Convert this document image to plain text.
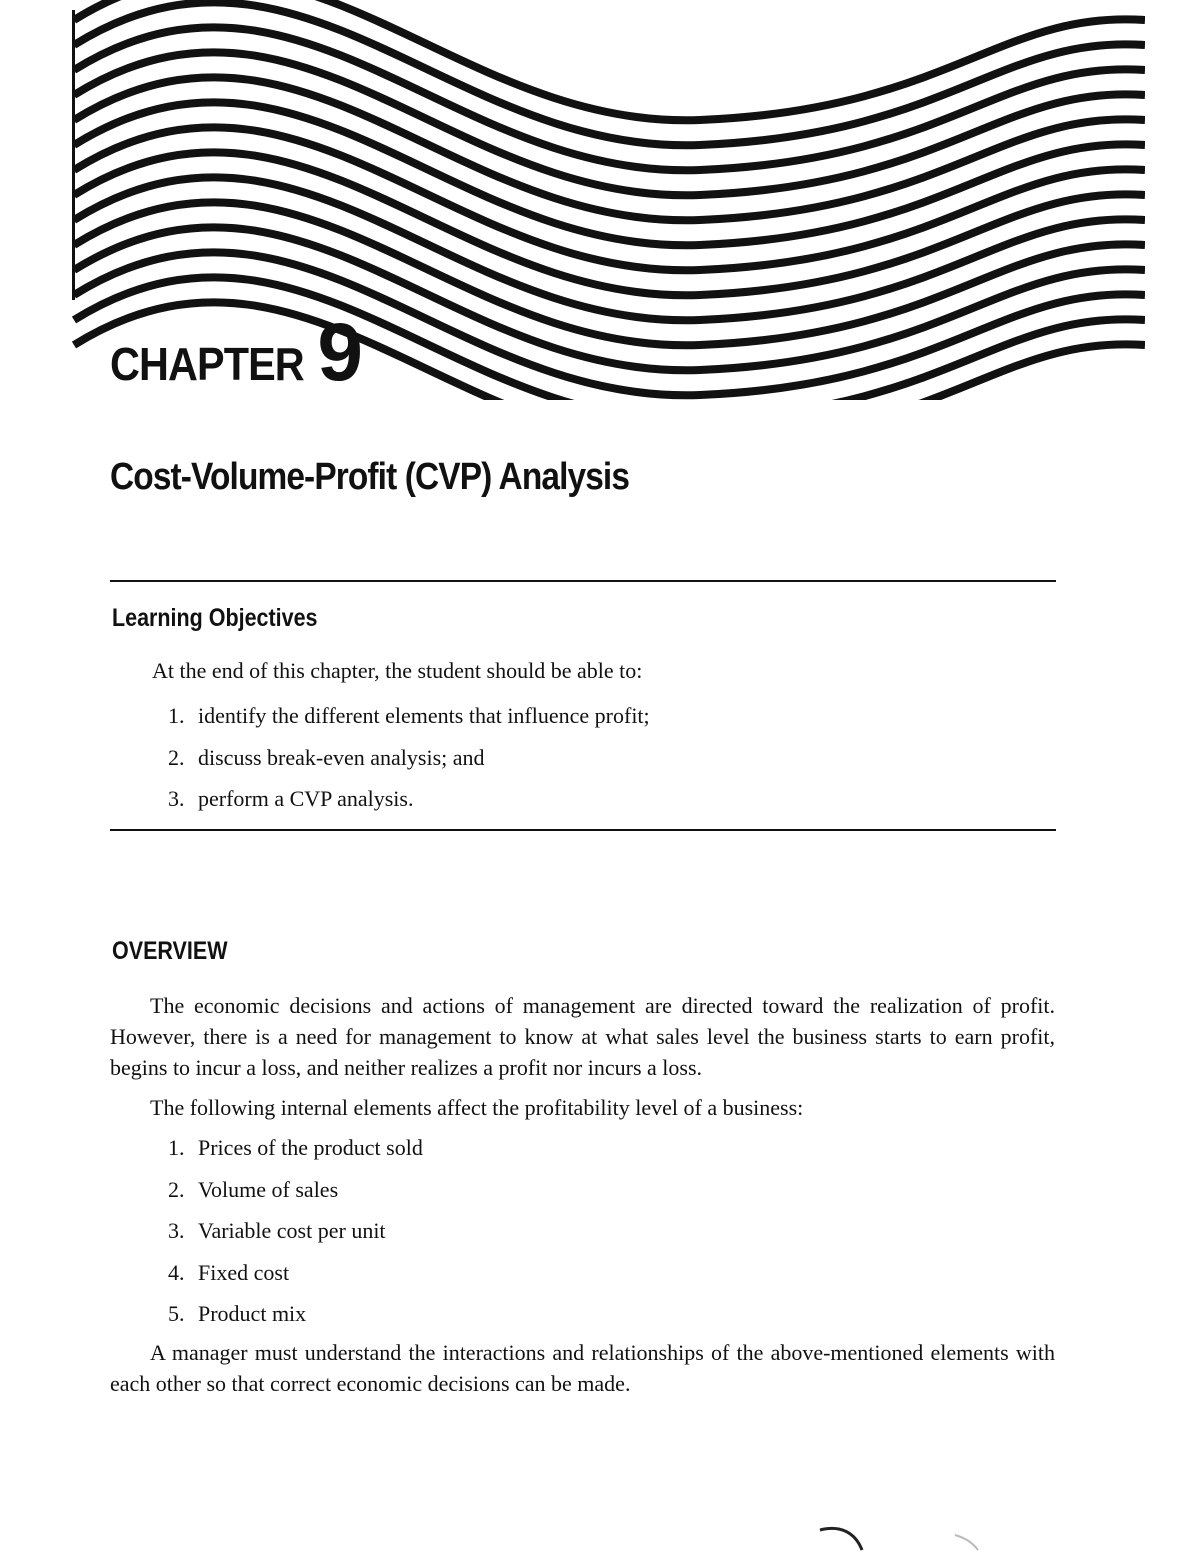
CHAPTER 9
Cost-Volume-Profit (CVP) Analysis
Learning Objectives

At the end of this chapter, the student should be able to:

1. identify the different elements that influence profit;
2. discuss break-even analysis; and
3. perform a CVP analysis.
OVERVIEW

The economic decisions and actions of management are directed toward the realization of profit. However, there is a need for management to know at what sales level the business starts to earn profit, begins to incur a loss, and neither realizes a profit nor incurs a loss.

The following internal elements affect the profitability level of a business:

1. Prices of the product sold
2. Volume of sales
3. Variable cost per unit
4. Fixed cost
5. Product mix

A manager must understand the interactions and relationships of the above-mentioned elements with each other so that correct economic decisions can be made.
